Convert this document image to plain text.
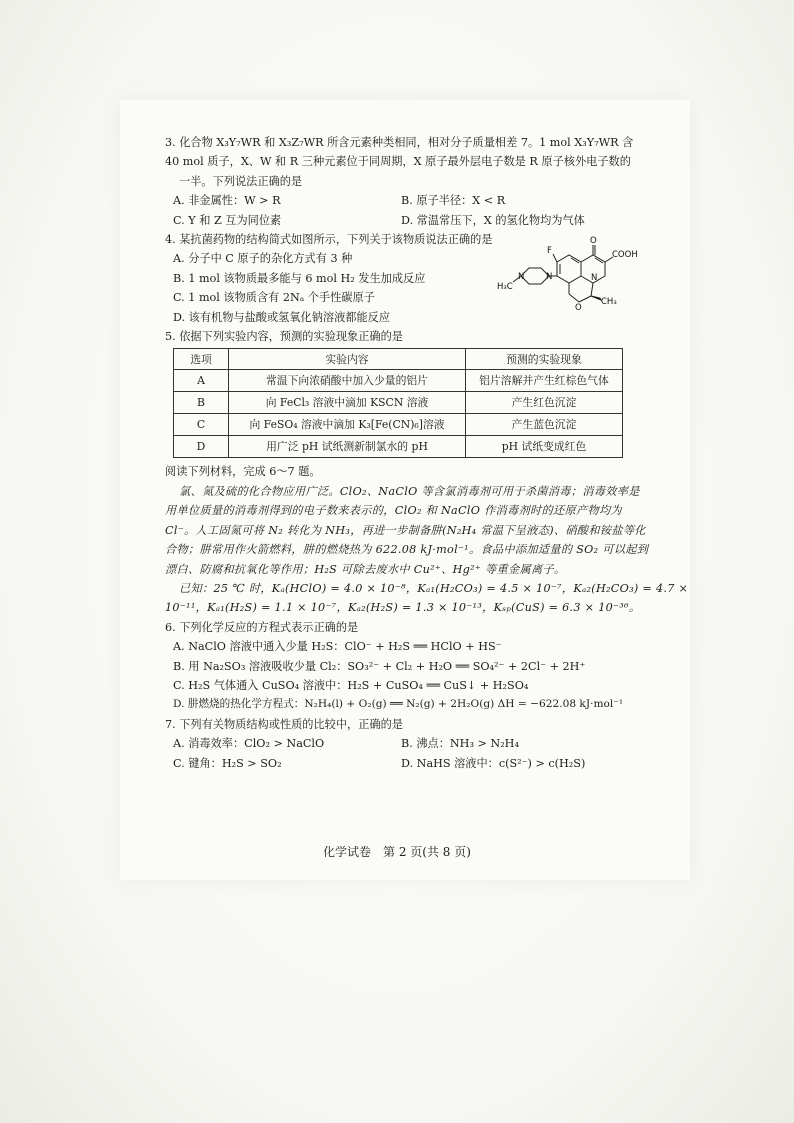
3. 化合物 X₃Y₇WR 和 X₃Z₇WR 所含元素种类相同，相对分子质量相差 7。1 mol X₃Y₇WR 含
40 mol 质子，X、W 和 R 三种元素位于同周期，X 原子最外层电子数是 R 原子核外电子数的
一半。下列说法正确的是
A. 非金属性：W > R	B. 原子半径：X < R
C. Y 和 Z 互为同位素	D. 常温常压下，X 的氢化物均为气体
4. 某抗菌药物的结构简式如图所示，下列关于该物质说法正确的是
A. 分子中 C 原子的杂化方式有 3 种
B. 1 mol 该物质最多能与 6 mol H₂ 发生加成反应
C. 1 mol 该物质含有 2Nₐ 个手性碳原子
D. 该有机物与盐酸或氢氧化钠溶液都能反应
F
O
COOH
N
N	N
O
H₃C
CH₃
5. 依据下列实验内容，预测的实验现象正确的是
选项	实验内容	预测的实验现象
A	常温下向浓硝酸中加入少量的铝片	铝片溶解并产生红棕色气体
B	向 FeCl₃ 溶液中滴加 KSCN 溶液	产生红色沉淀
C	向 FeSO₄ 溶液中滴加 K₃[Fe(CN)₆]溶液	产生蓝色沉淀
D	用广泛 pH 试纸测新制氯水的 pH	pH 试纸变成红色
阅读下列材料，完成 6～7 题。
氯、氮及硫的化合物应用广泛。ClO₂、NaClO 等含氯消毒剂可用于杀菌消毒；消毒效率是
用单位质量的消毒剂得到的电子数来表示的，ClO₂ 和 NaClO 作消毒剂时的还原产物均为
Cl⁻。人工固氮可将 N₂ 转化为 NH₃，再进一步制备肼(N₂H₄ 常温下呈液态)、硝酸和铵盐等化
合物；肼常用作火箭燃料，肼的燃烧热为 622.08 kJ·mol⁻¹。食品中添加适量的 SO₂ 可以起到
漂白、防腐和抗氧化等作用；H₂S 可除去废水中 Cu²⁺、Hg²⁺ 等重金属离子。
已知：25 ℃ 时，Kₐ(HClO) = 4.0 × 10⁻⁸，Kₐ₁(H₂CO₃) = 4.5 × 10⁻⁷，Kₐ₂(H₂CO₃) = 4.7 ×
10⁻¹¹，Kₐ₁(H₂S) = 1.1 × 10⁻⁷，Kₐ₂(H₂S) = 1.3 × 10⁻¹³，Kₛₚ(CuS) = 6.3 × 10⁻³⁶。
6. 下列化学反应的方程式表示正确的是
A. NaClO 溶液中通入少量 H₂S：ClO⁻ + H₂S ══ HClO + HS⁻
B. 用 Na₂SO₃ 溶液吸收少量 Cl₂：SO₃²⁻ + Cl₂ + H₂O ══ SO₄²⁻ + 2Cl⁻ + 2H⁺
C. H₂S 气体通入 CuSO₄ 溶液中：H₂S + CuSO₄ ══ CuS↓ + H₂SO₄
D. 肼燃烧的热化学方程式：N₂H₄(l) + O₂(g) ══ N₂(g) + 2H₂O(g) ΔH = −622.08 kJ·mol⁻¹
7. 下列有关物质结构或性质的比较中，正确的是
A. 消毒效率：ClO₂ > NaClO	B. 沸点：NH₃ > N₂H₄
C. 键角：H₂S > SO₂	D. NaHS 溶液中：c(S²⁻) > c(H₂S)
化学试卷　第 2 页(共 8 页)
